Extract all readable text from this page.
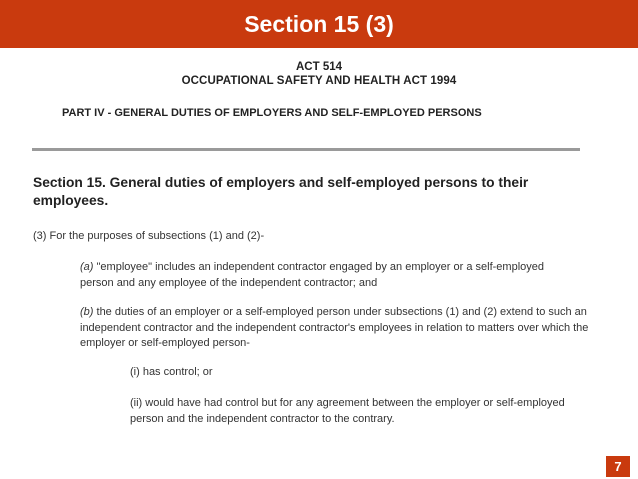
Section 15 (3)
ACT 514
OCCUPATIONAL SAFETY AND HEALTH ACT 1994
PART IV - GENERAL DUTIES OF EMPLOYERS AND SELF-EMPLOYED PERSONS
Section 15. General duties of employers and self-employed persons to their employees.
(3) For the purposes of subsections (1) and (2)-
(a) "employee" includes an independent contractor engaged by an employer or a self-employed person and any employee of the independent contractor; and
(b) the duties of an employer or a self-employed person under subsections (1) and (2) extend to such an independent contractor and the independent contractor's employees in relation to matters over which the employer or self-employed person-
(i) has control; or
(ii) would have had control but for any agreement between the employer or self-employed person and the independent contractor to the contrary.
7
